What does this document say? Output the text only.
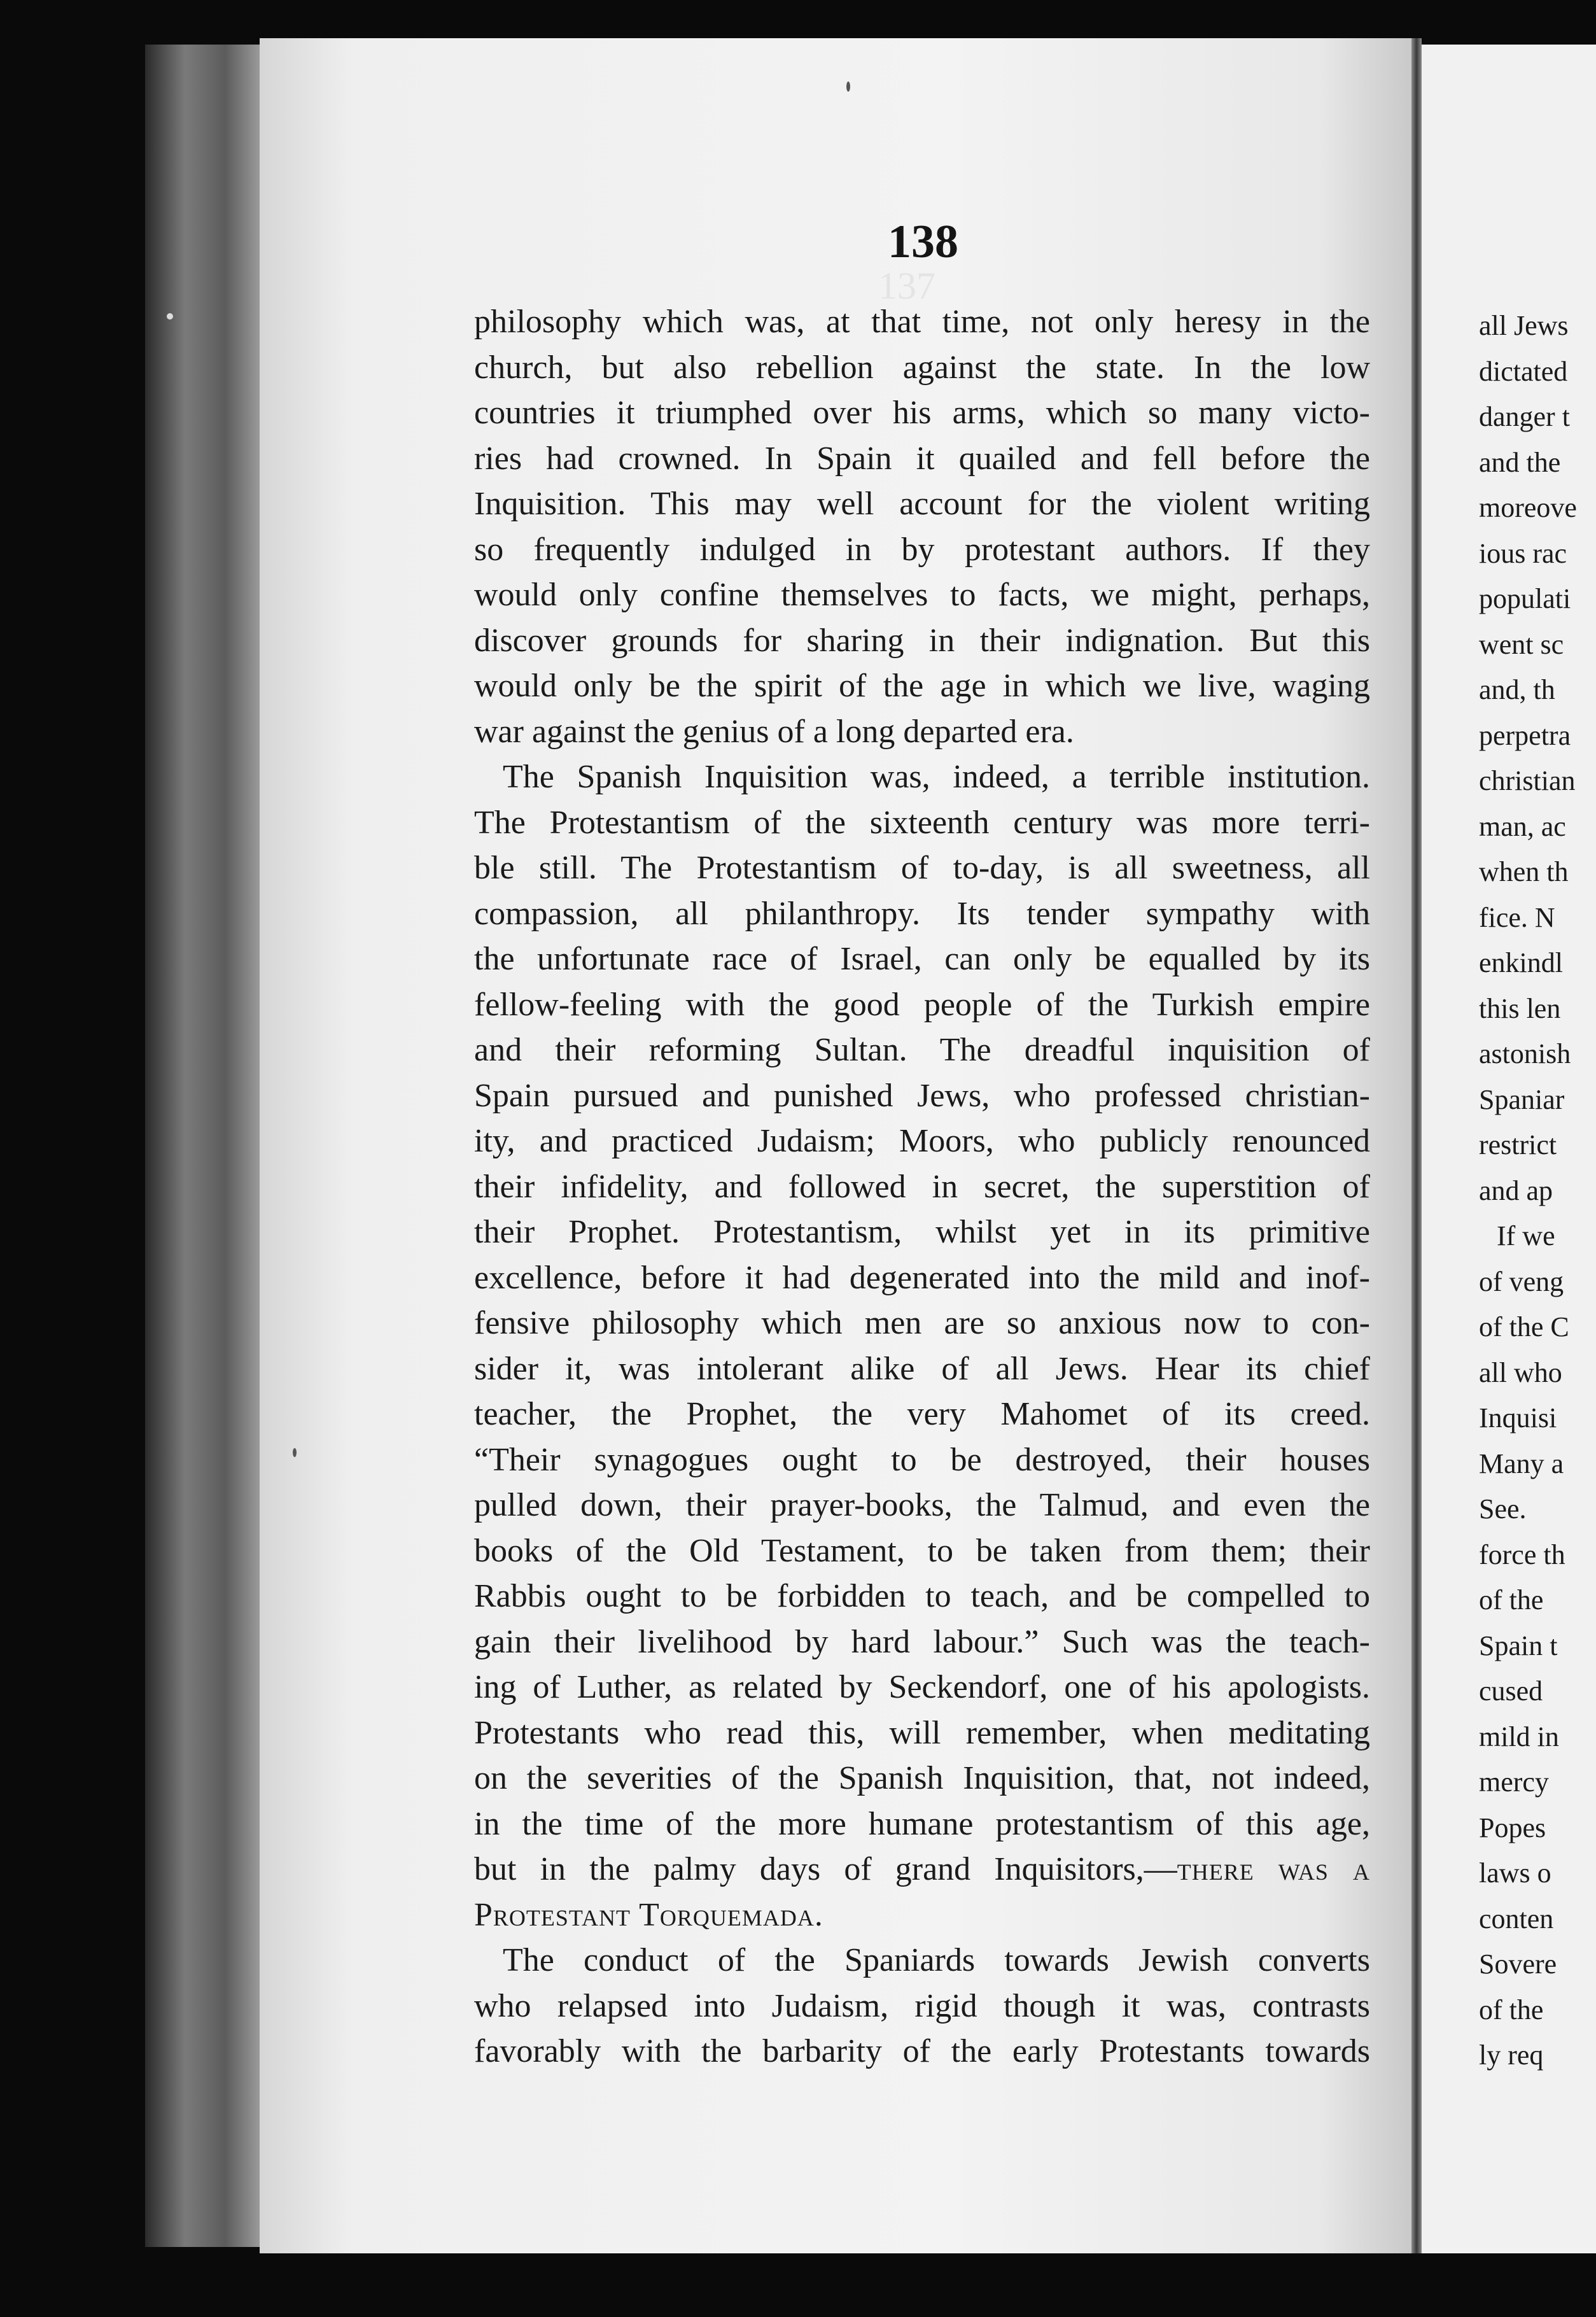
137
138

philosophy which was, at that time, not only heresy in the
church, but also rebellion against the state. In the low
countries it triumphed over his arms, which so many victo-
ries had crowned. In Spain it quailed and fell before the
Inquisition. This may well account for the violent writing
so frequently indulged in by protestant authors. If they
would only confine themselves to facts, we might, perhaps,
discover grounds for sharing in their indignation. But this
would only be the spirit of the age in which we live, waging
war against the genius of a long departed era.

The Spanish Inquisition was, indeed, a terrible institution.
The Protestantism of the sixteenth century was more terri-
ble still. The Protestantism of to-day, is all sweetness, all
compassion, all philanthropy. Its tender sympathy with
the unfortunate race of Israel, can only be equalled by its
fellow-feeling with the good people of the Turkish empire
and their reforming Sultan. The dreadful inquisition of
Spain pursued and punished Jews, who professed christian-
ity, and practiced Judaism; Moors, who publicly renounced
their infidelity, and followed in secret, the superstition of
their Prophet. Protestantism, whilst yet in its primitive
excellence, before it had degenerated into the mild and inof-
fensive philosophy which men are so anxious now to con-
sider it, was intolerant alike of all Jews. Hear its chief
teacher, the Prophet, the very Mahomet of its creed.
“Their synagogues ought to be destroyed, their houses
pulled down, their prayer-books, the Talmud, and even the
books of the Old Testament, to be taken from them; their
Rabbis ought to be forbidden to teach, and be compelled to
gain their livelihood by hard labour.” Such was the teach-
ing of Luther, as related by Seckendorf, one of his apologists.
Protestants who read this, will remember, when meditating
on the severities of the Spanish Inquisition, that, not indeed,
in the time of the more humane protestantism of this age,
but in the palmy days of grand Inquisitors,—there was a
Protestant Torquemada.

The conduct of the Spaniards towards Jewish converts
who relapsed into Judaism, rigid though it was, contrasts
favorably with the barbarity of the early Protestants towards

all Jews
dictated
danger t
and the
moreove
ious rac
populati
went sc
and, th
perpetra
christian
man, ac
when th
fice. N
enkindl
this len
astonish
Spaniar
restrict
and ap
If we
of veng
of the C
all who
Inquisi
Many a
See.
force th
of the
Spain t
cused
mild in
mercy
Popes
laws o
conten
Sovere
of the
ly req
